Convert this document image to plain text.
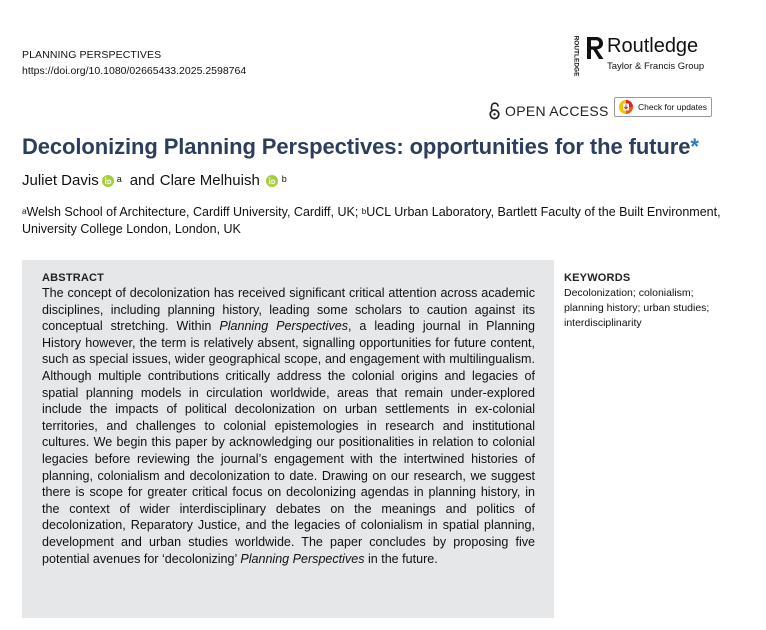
PLANNING PERSPECTIVES
https://doi.org/10.1080/02665433.2025.2598764	ROUTLEDGE Routledge
Taylor & Francis Group
OPEN ACCESS	Check for updates
Decolonizing Planning Perspectives: opportunities for the future*
Juliet Davis $^a$ and Clare Melhuish $^b$
$^a$Welsh School of Architecture, Cardiff University, Cardiff, UK; $^b$UCL Urban Laboratory, Bartlett Faculty of the Built Environment, University College London, London, UK
ABSTRACT
The concept of decolonization has received significant critical attention across academic disciplines, including planning history, leading some scholars to caution against its conceptual stretching. Within Planning Perspectives, a leading journal in Planning History however, the term is relatively absent, signalling opportunities for future content, such as special issues, wider geographical scope, and engagement with multilingualism. Although multiple contributions critically address the colonial origins and legacies of spatial planning models in circulation worldwide, areas that remain under-explored include the impacts of political decolonization on urban settlements in ex-colonial territories, and challenges to colonial epistemologies in research and institutional cultures. We begin this paper by acknowledging our positionalities in relation to colonial legacies before reviewing the journal’s engagement with the intertwined histories of planning, colonialism and decolonization to date. Drawing on our research, we suggest there is scope for greater critical focus on decolonizing agendas in planning history, in the context of wider interdisciplinary debates on the meanings and politics of decolonization, Reparatory Justice, and the legacies of colonialism in spatial planning, development and urban studies worldwide. The paper concludes by proposing five potential avenues for ‘decolonizing’ Planning Perspectives in the future.
KEYWORDS
Decolonization; colonialism; planning history; urban studies; interdisciplinarity
